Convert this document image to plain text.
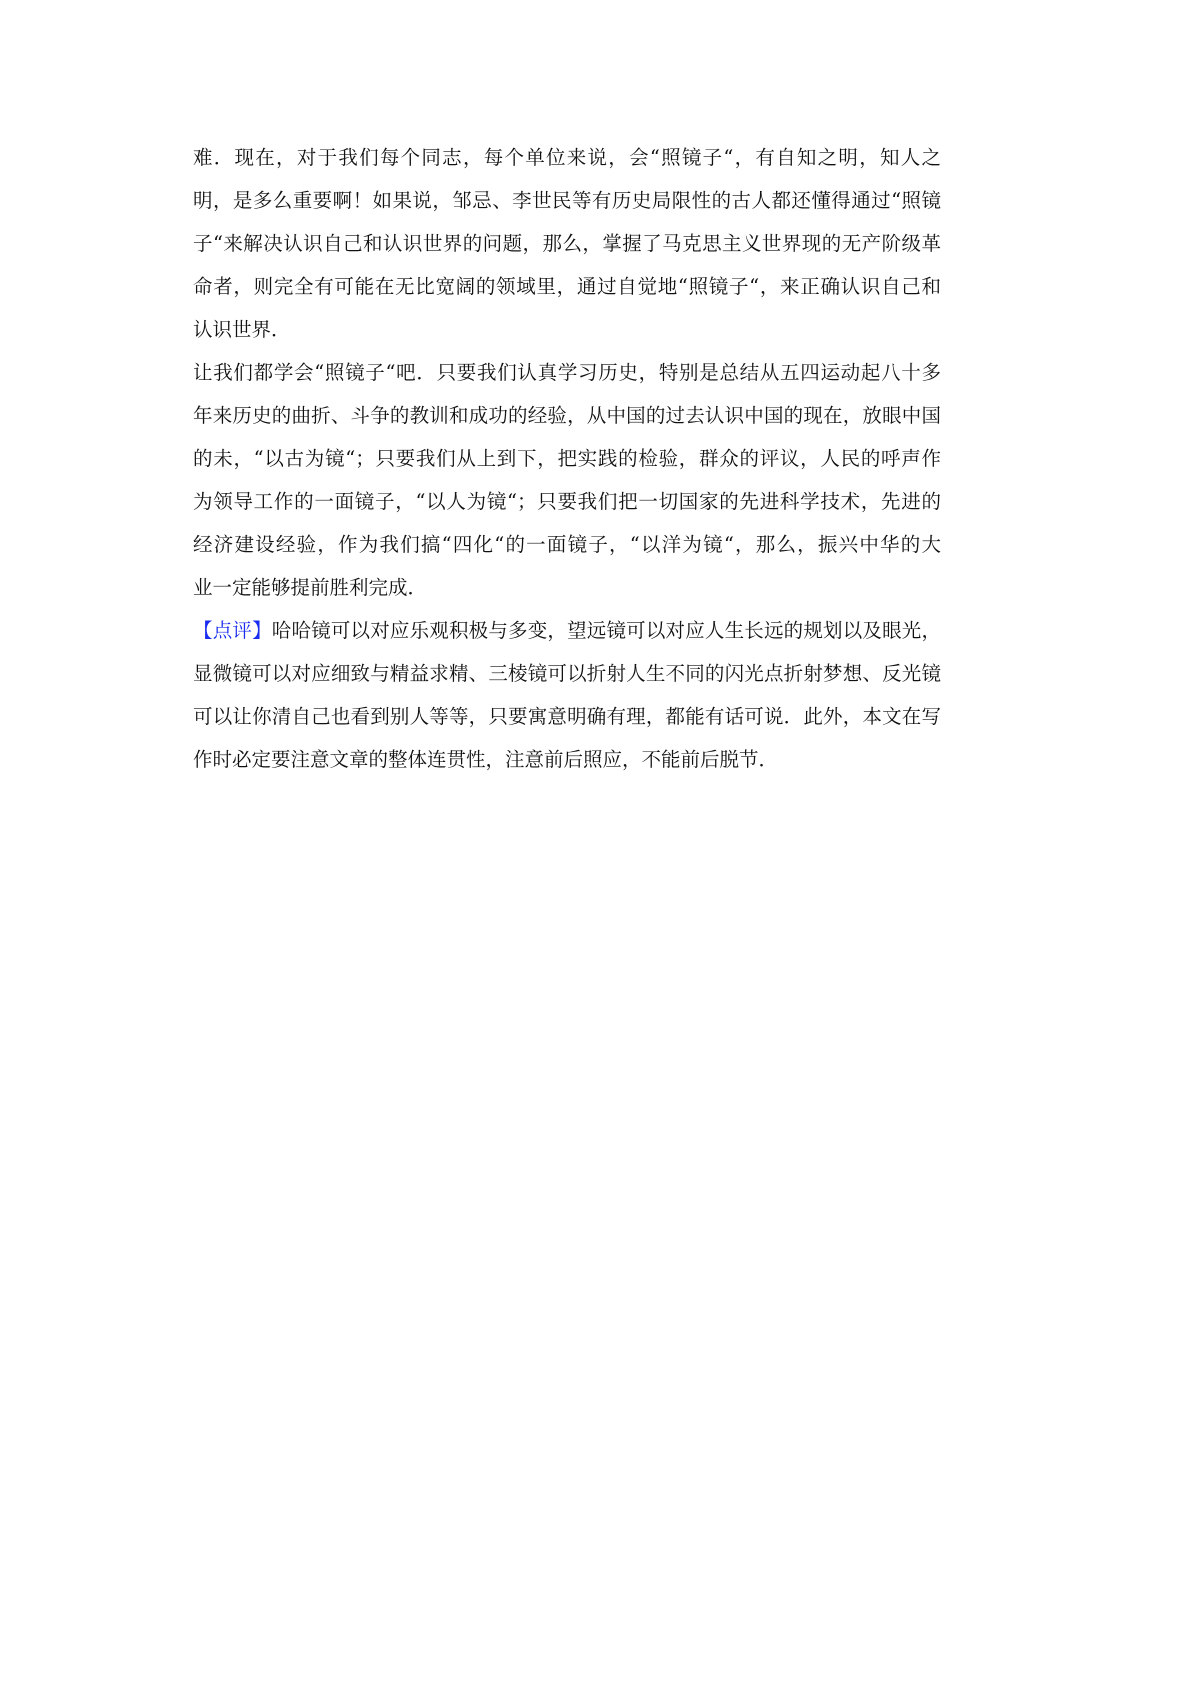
难．现在，对于我们每个同志，每个单位来说，会“照镜子“，有自知之明，知人之
明，是多么重要啊！如果说，邹忌、李世民等有历史局限性的古人都还懂得通过“照镜
子“来解决认识自己和认识世界的问题，那么，掌握了马克思主义世界现的无产阶级革
命者，则完全有可能在无比宽阔的领域里，通过自觉地“照镜子“，来正确认识自己和
认识世界．
让我们都学会“照镜子“吧．只要我们认真学习历史，特别是总结从五四运动起八十多
年来历史的曲折、斗争的教训和成功的经验，从中国的过去认识中国的现在，放眼中国
的未，“以古为镜“；只要我们从上到下，把实践的检验，群众的评议，人民的呼声作
为领导工作的一面镜子，“以人为镜“；只要我们把一切国家的先进科学技术，先进的
经济建设经验，作为我们搞“四化“的一面镜子，“以洋为镜“，那么，振兴中华的大
业一定能够提前胜利完成．
【点评】哈哈镜可以对应乐观积极与多变，望远镜可以对应人生长远的规划以及眼光，
显微镜可以对应细致与精益求精、三棱镜可以折射人生不同的闪光点折射梦想、反光镜
可以让你清自己也看到别人等等，只要寓意明确有理，都能有话可说．此外，本文在写
作时必定要注意文章的整体连贯性，注意前后照应，不能前后脱节．
